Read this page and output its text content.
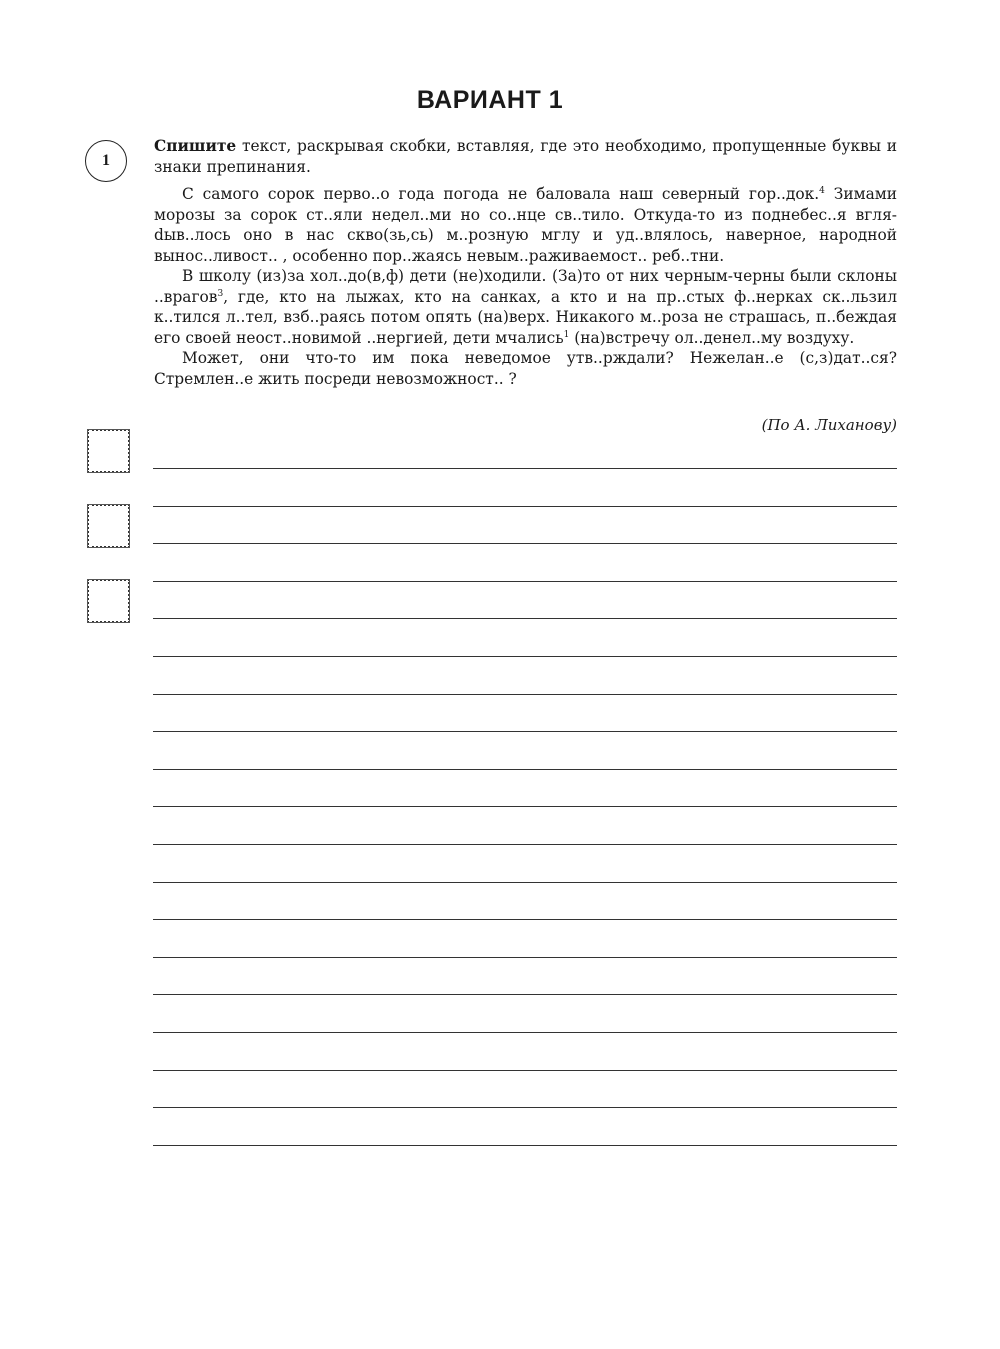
ВАРИАНТ 1
1

Спишите текст, раскрывая скобки, вставляя, где это необходимо, пропущенные буквы и знаки препинания.

С самого сорок перво..о года погода не баловала наш северный гор..док.$^4$ Зимами морозы за сорок ст..яли недел..ми но со..нце св..тило. Откуда-то из поднебес..я вгляdыв..лось оно в нас скво(зь,сь) м..розную мглу и уд..влялось, наверное, народной вынос..ливост.. , особенно пор..жаясь невым..раживаемост.. реб..тни.

В школу (из)за хол..до(в,ф) дети (не)ходили. (За)то от них черным-черны были склоны ..врагов$^3$, где, кто на лыжах, кто на санках, а кто и на пр..стых ф..нерках ск..льзил к..тился л..тел, взб..раясь потом опять (на)верх. Никакого м..роза не страшась, п..беждая его своей неост..новимой ..нергией, дети мчались$^1$ (на)встречу ол..денел..му воздуху.

Может, они что-то им пока неведомое утв..рждали? Нежелан..е (с,з)дат..ся? Стремлен..е жить посреди невозможност.. ?

(По А. Лиханову)
